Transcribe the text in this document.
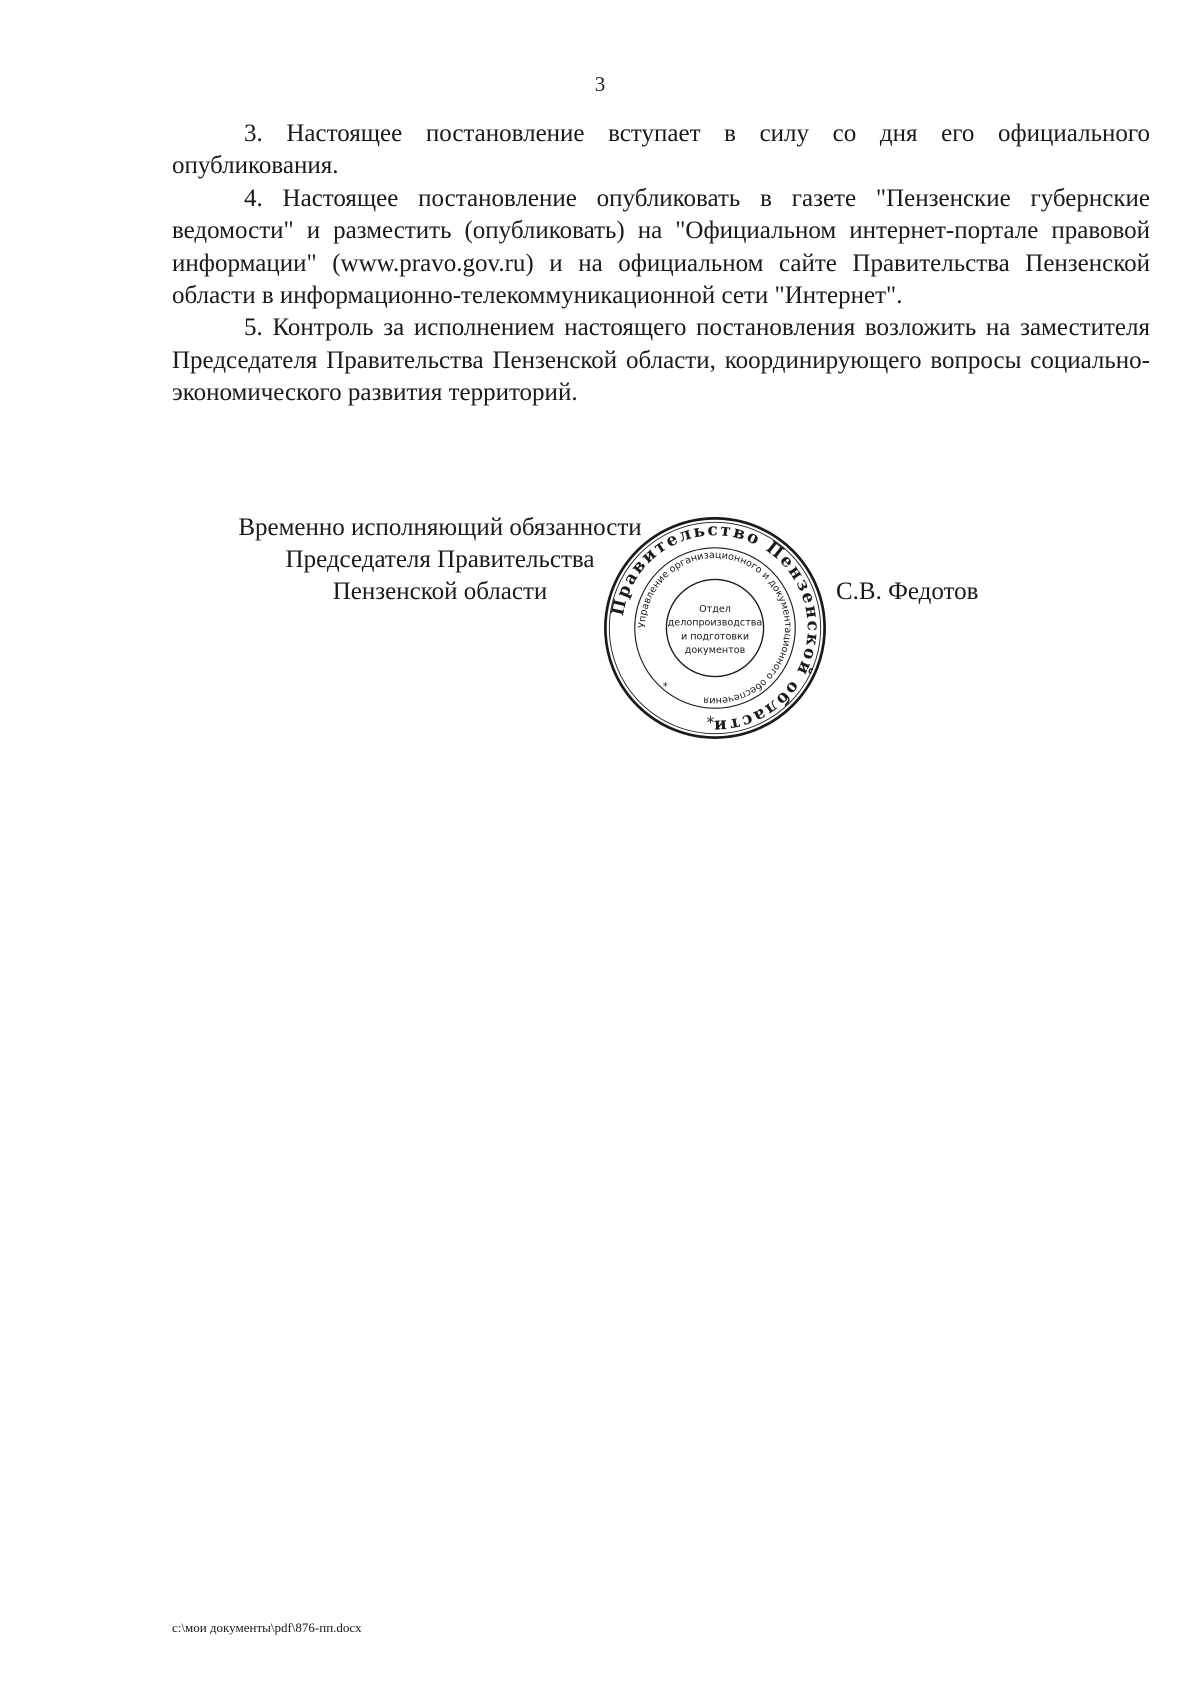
3

3. Настоящее постановление вступает в силу со дня его официального опубликования.

4. Настоящее постановление опубликовать в газете "Пензенские губернские ведомости" и разместить (опубликовать) на "Официальном интернет-портале правовой информации" (www.pravo.gov.ru) и на официальном сайте Правительства Пензенской области в информационно-телекоммуникационной сети "Интернет".

5. Контроль за исполнением настоящего постановления возложить на заместителя Председателя Правительства Пензенской области, координирующего вопросы социально-экономического развития территорий.

Временно исполняющий обязанности
Председателя Правительства
Пензенской области
Правительство Пензенской области
Управление организационного и документационного обеспечения
Отдел
делопроизводства
и подготовки
документов
*
*
С.В. Федотов
c:\мои документы\pdf\876-пп.docx
